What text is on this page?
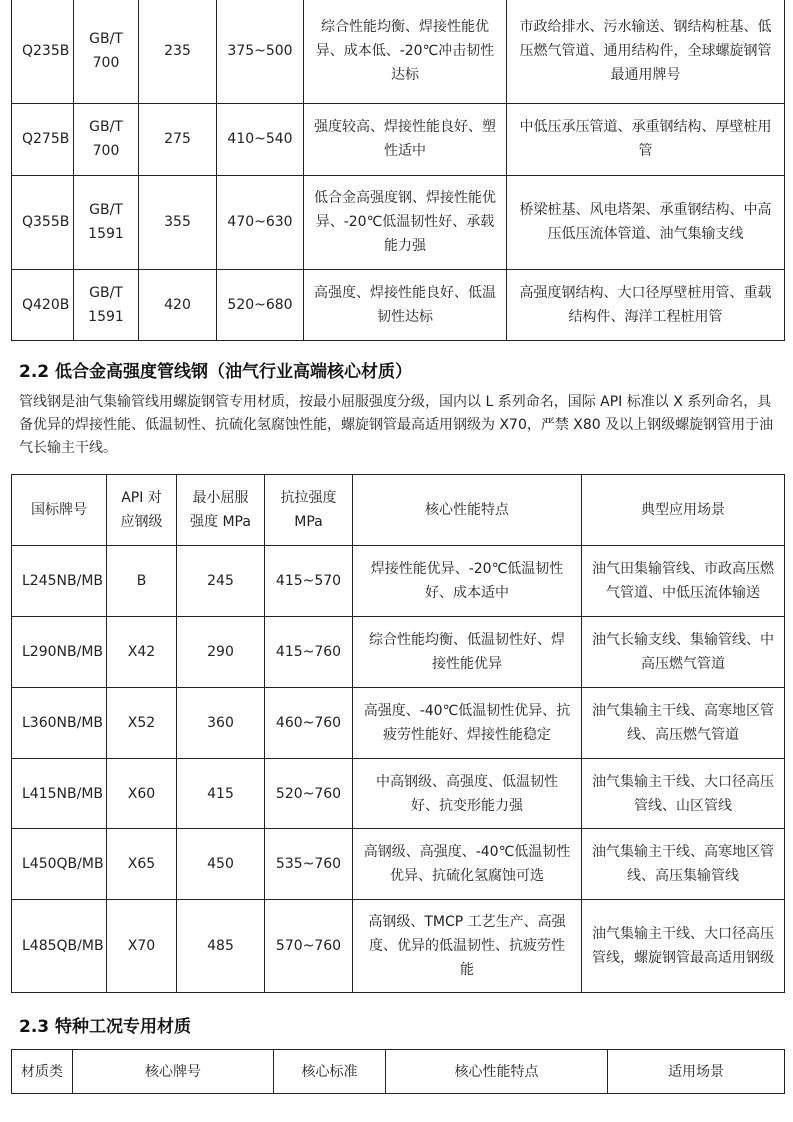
Q235B	GB/T 700	235	375~500	综合性能均衡、焊接性能优异、成本低、-20℃冲击韧性达标	市政给排水、污水输送、钢结构桩基、低压燃气管道、通用结构件，全球螺旋钢管最通用牌号
Q275B	GB/T 700	275	410~540	强度较高、焊接性能良好、塑性适中	中低压承压管道、承重钢结构、厚壁桩用管
Q355B	GB/T 1591	355	470~630	低合金高强度钢、焊接性能优异、-20℃低温韧性好、承载能力强	桥梁桩基、风电塔架、承重钢结构、中高压低压流体管道、油气集输支线
Q420B	GB/T 1591	420	520~680	高强度、焊接性能良好、低温韧性达标	高强度钢结构、大口径厚壁桩用管、重载结构件、海洋工程桩用管
2.2 低合金高强度管线钢（油气行业高端核心材质）

管线钢是油气集输管线用螺旋钢管专用材质，按最小屈服强度分级，国内以 L 系列命名，国际 API 标准以 X 系列命名，具备优异的焊接性能、低温韧性、抗硫化氢腐蚀性能，螺旋钢管最高适用钢级为 X70，严禁 X80 及以上钢级螺旋钢管用于油气长输主干线。

国标牌号	API 对应钢级	最小屈服强度 MPa	抗拉强度 MPa	核心性能特点	典型应用场景
L245NB/MB	B	245	415~570	焊接性能优异、-20℃低温韧性好、成本适中	油气田集输管线、市政高压燃气管道、中低压流体输送
L290NB/MB	X42	290	415~760	综合性能均衡、低温韧性好、焊接性能优异	油气长输支线、集输管线、中高压燃气管道
L360NB/MB	X52	360	460~760	高强度、-40℃低温韧性优异、抗疲劳性能好、焊接性能稳定	油气集输主干线、高寒地区管线、高压燃气管道
L415NB/MB	X60	415	520~760	中高钢级、高强度、低温韧性好、抗变形能力强	油气集输主干线、大口径高压管线、山区管线
L450QB/MB	X65	450	535~760	高钢级、高强度、-40℃低温韧性优异、抗硫化氢腐蚀可选	油气集输主干线、高寒地区管线、高压集输管线
L485QB/MB	X70	485	570~760	高钢级、TMCP 工艺生产、高强度、优异的低温韧性、抗疲劳性能	油气集输主干线、大口径高压管线，螺旋钢管最高适用钢级
2.3 特种工况专用材质
材质类	核心牌号	核心标准	核心性能特点	适用场景
